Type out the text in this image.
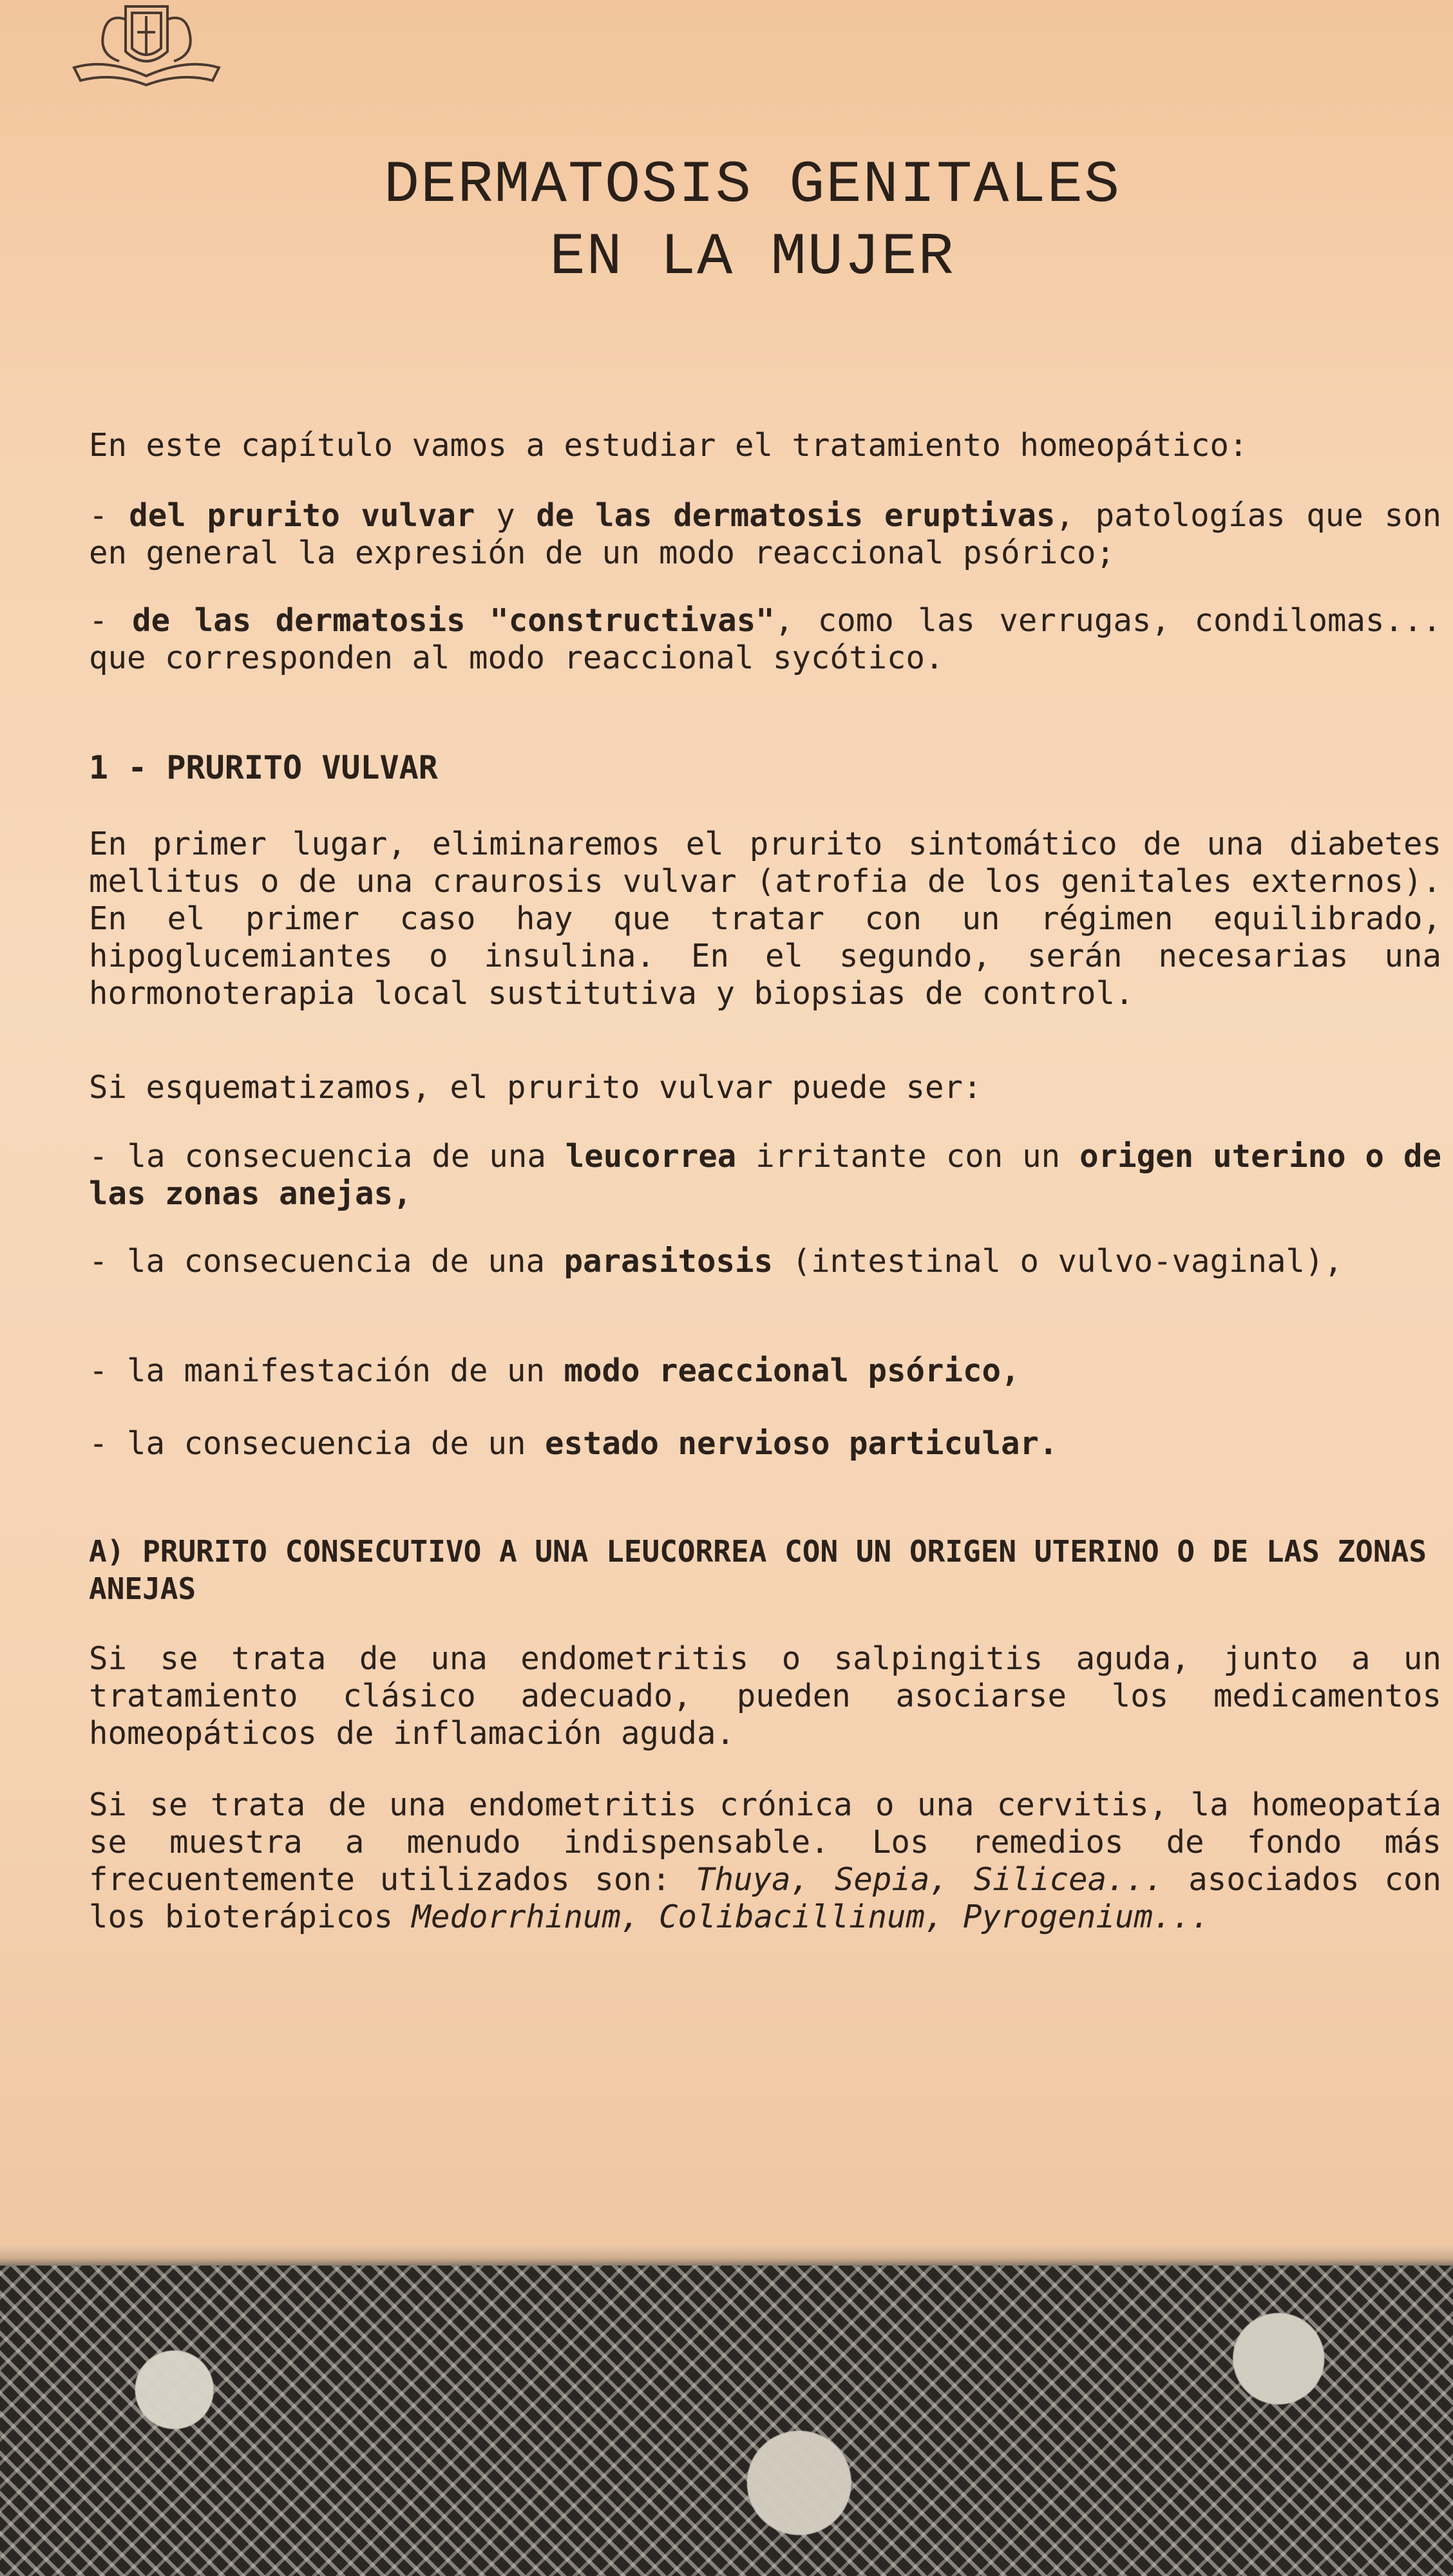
DERMATOSIS GENITALES
EN LA MUJER

En este capítulo vamos a estudiar el tratamiento homeopático:

- del prurito vulvar y de las dermatosis eruptivas, patologías que son en general la expresión de un modo reaccional psórico;

- de las dermatosis "constructivas", como las verrugas, condilomas... que corresponden al modo reaccional sycótico.

1 - PRURITO VULVAR

En primer lugar, eliminaremos el prurito sintomático de una diabetes mellitus o de una craurosis vulvar (atrofia de los genitales externos). En el primer caso hay que tratar con un régimen equilibrado, hipoglucemiantes o insulina. En el segundo, serán necesarias una hormonoterapia local sustitutiva y biopsias de control.

Si esquematizamos, el prurito vulvar puede ser:

- la consecuencia de una leucorrea irritante con un origen uterino o de las zonas anejas,

- la consecuencia de una parasitosis (intestinal o vulvo-vaginal),

- la manifestación de un modo reaccional psórico,

- la consecuencia de un estado nervioso particular.

A) PRURITO CONSECUTIVO A UNA LEUCORREA CON UN ORIGEN UTERINO O DE LAS ZONAS ANEJAS

Si se trata de una endometritis o salpingitis aguda, junto a un tratamiento clásico adecuado, pueden asociarse los medicamentos homeopáticos de inflamación aguda.

Si se trata de una endometritis crónica o una cervitis, la homeopatía se muestra a menudo indispensable. Los remedios de fondo más frecuentemente utilizados son: Thuya, Sepia, Silicea... asociados con los bioterápicos Medorrhinum, Colibacillinum, Pyrogenium...
